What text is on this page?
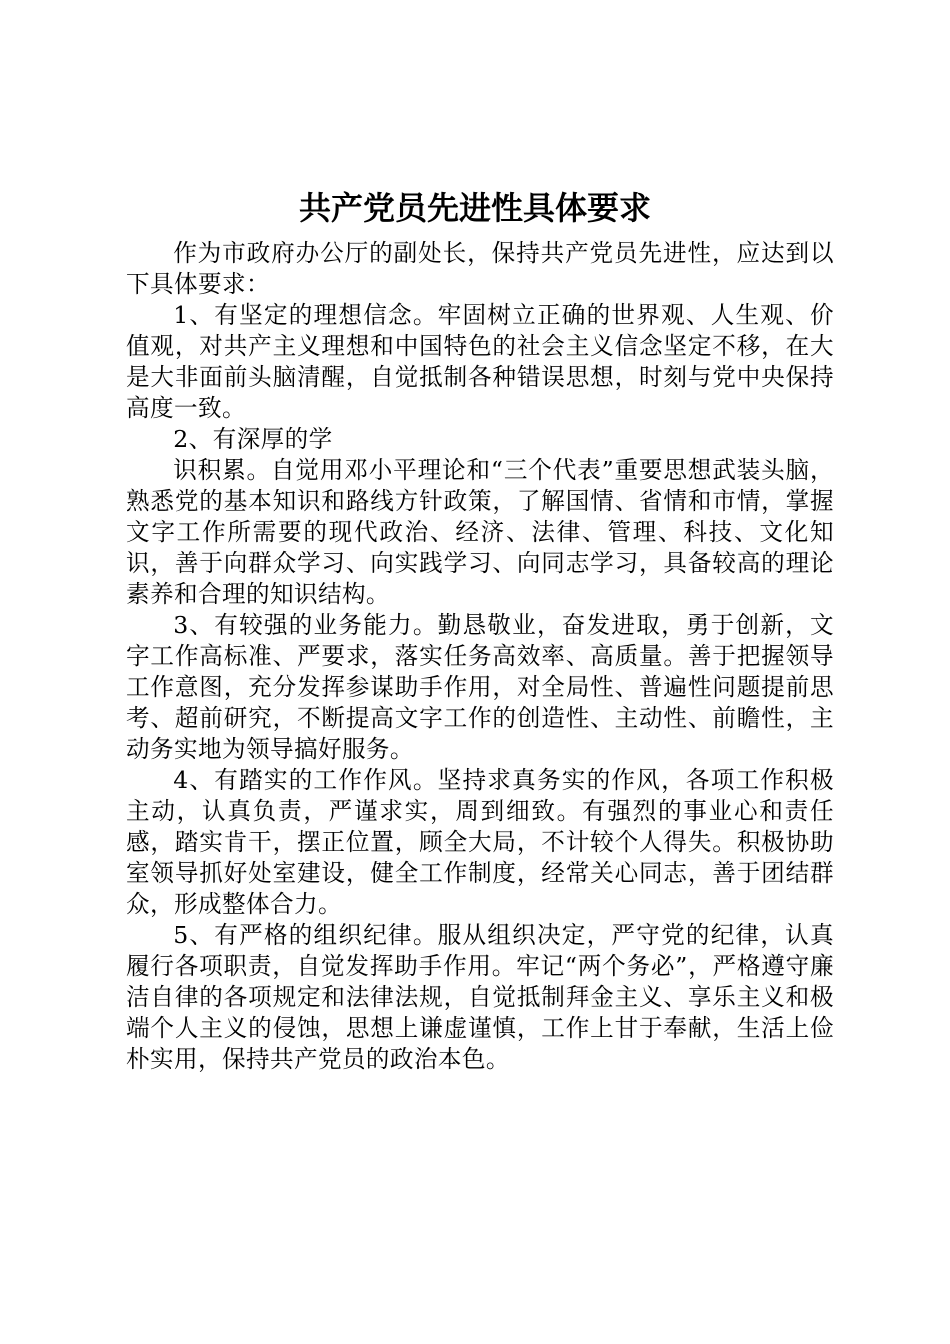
共产党员先进性具体要求

作为市政府办公厅的副处长，保持共产党员先进性，应达到以下具体要求：

1、有坚定的理想信念。牢固树立正确的世界观、人生观、价值观，对共产主义理想和中国特色的社会主义信念坚定不移，在大是大非面前头脑清醒，自觉抵制各种错误思想，时刻与党中央保持高度一致。

2、有深厚的学

识积累。自觉用邓小平理论和“三个代表”重要思想武装头脑，熟悉党的基本知识和路线方针政策，了解国情、省情和市情，掌握文字工作所需要的现代政治、经济、法律、管理、科技、文化知识，善于向群众学习、向实践学习、向同志学习，具备较高的理论素养和合理的知识结构。

3、有较强的业务能力。勤恳敬业，奋发进取，勇于创新，文字工作高标准、严要求，落实任务高效率、高质量。善于把握领导工作意图，充分发挥参谋助手作用，对全局性、普遍性问题提前思考、超前研究，不断提高文字工作的创造性、主动性、前瞻性，主动务实地为领导搞好服务。

4、有踏实的工作作风。坚持求真务实的作风，各项工作积极主动，认真负责，严谨求实，周到细致。有强烈的事业心和责任感，踏实肯干，摆正位置，顾全大局，不计较个人得失。积极协助室领导抓好处室建设，健全工作制度，经常关心同志，善于团结群众，形成整体合力。

5、有严格的组织纪律。服从组织决定，严守党的纪律，认真履行各项职责，自觉发挥助手作用。牢记“两个务必”，严格遵守廉洁自律的各项规定和法律法规，自觉抵制拜金主义、享乐主义和极端个人主义的侵蚀，思想上谦虚谨慎，工作上甘于奉献，生活上俭朴实用，保持共产党员的政治本色。
